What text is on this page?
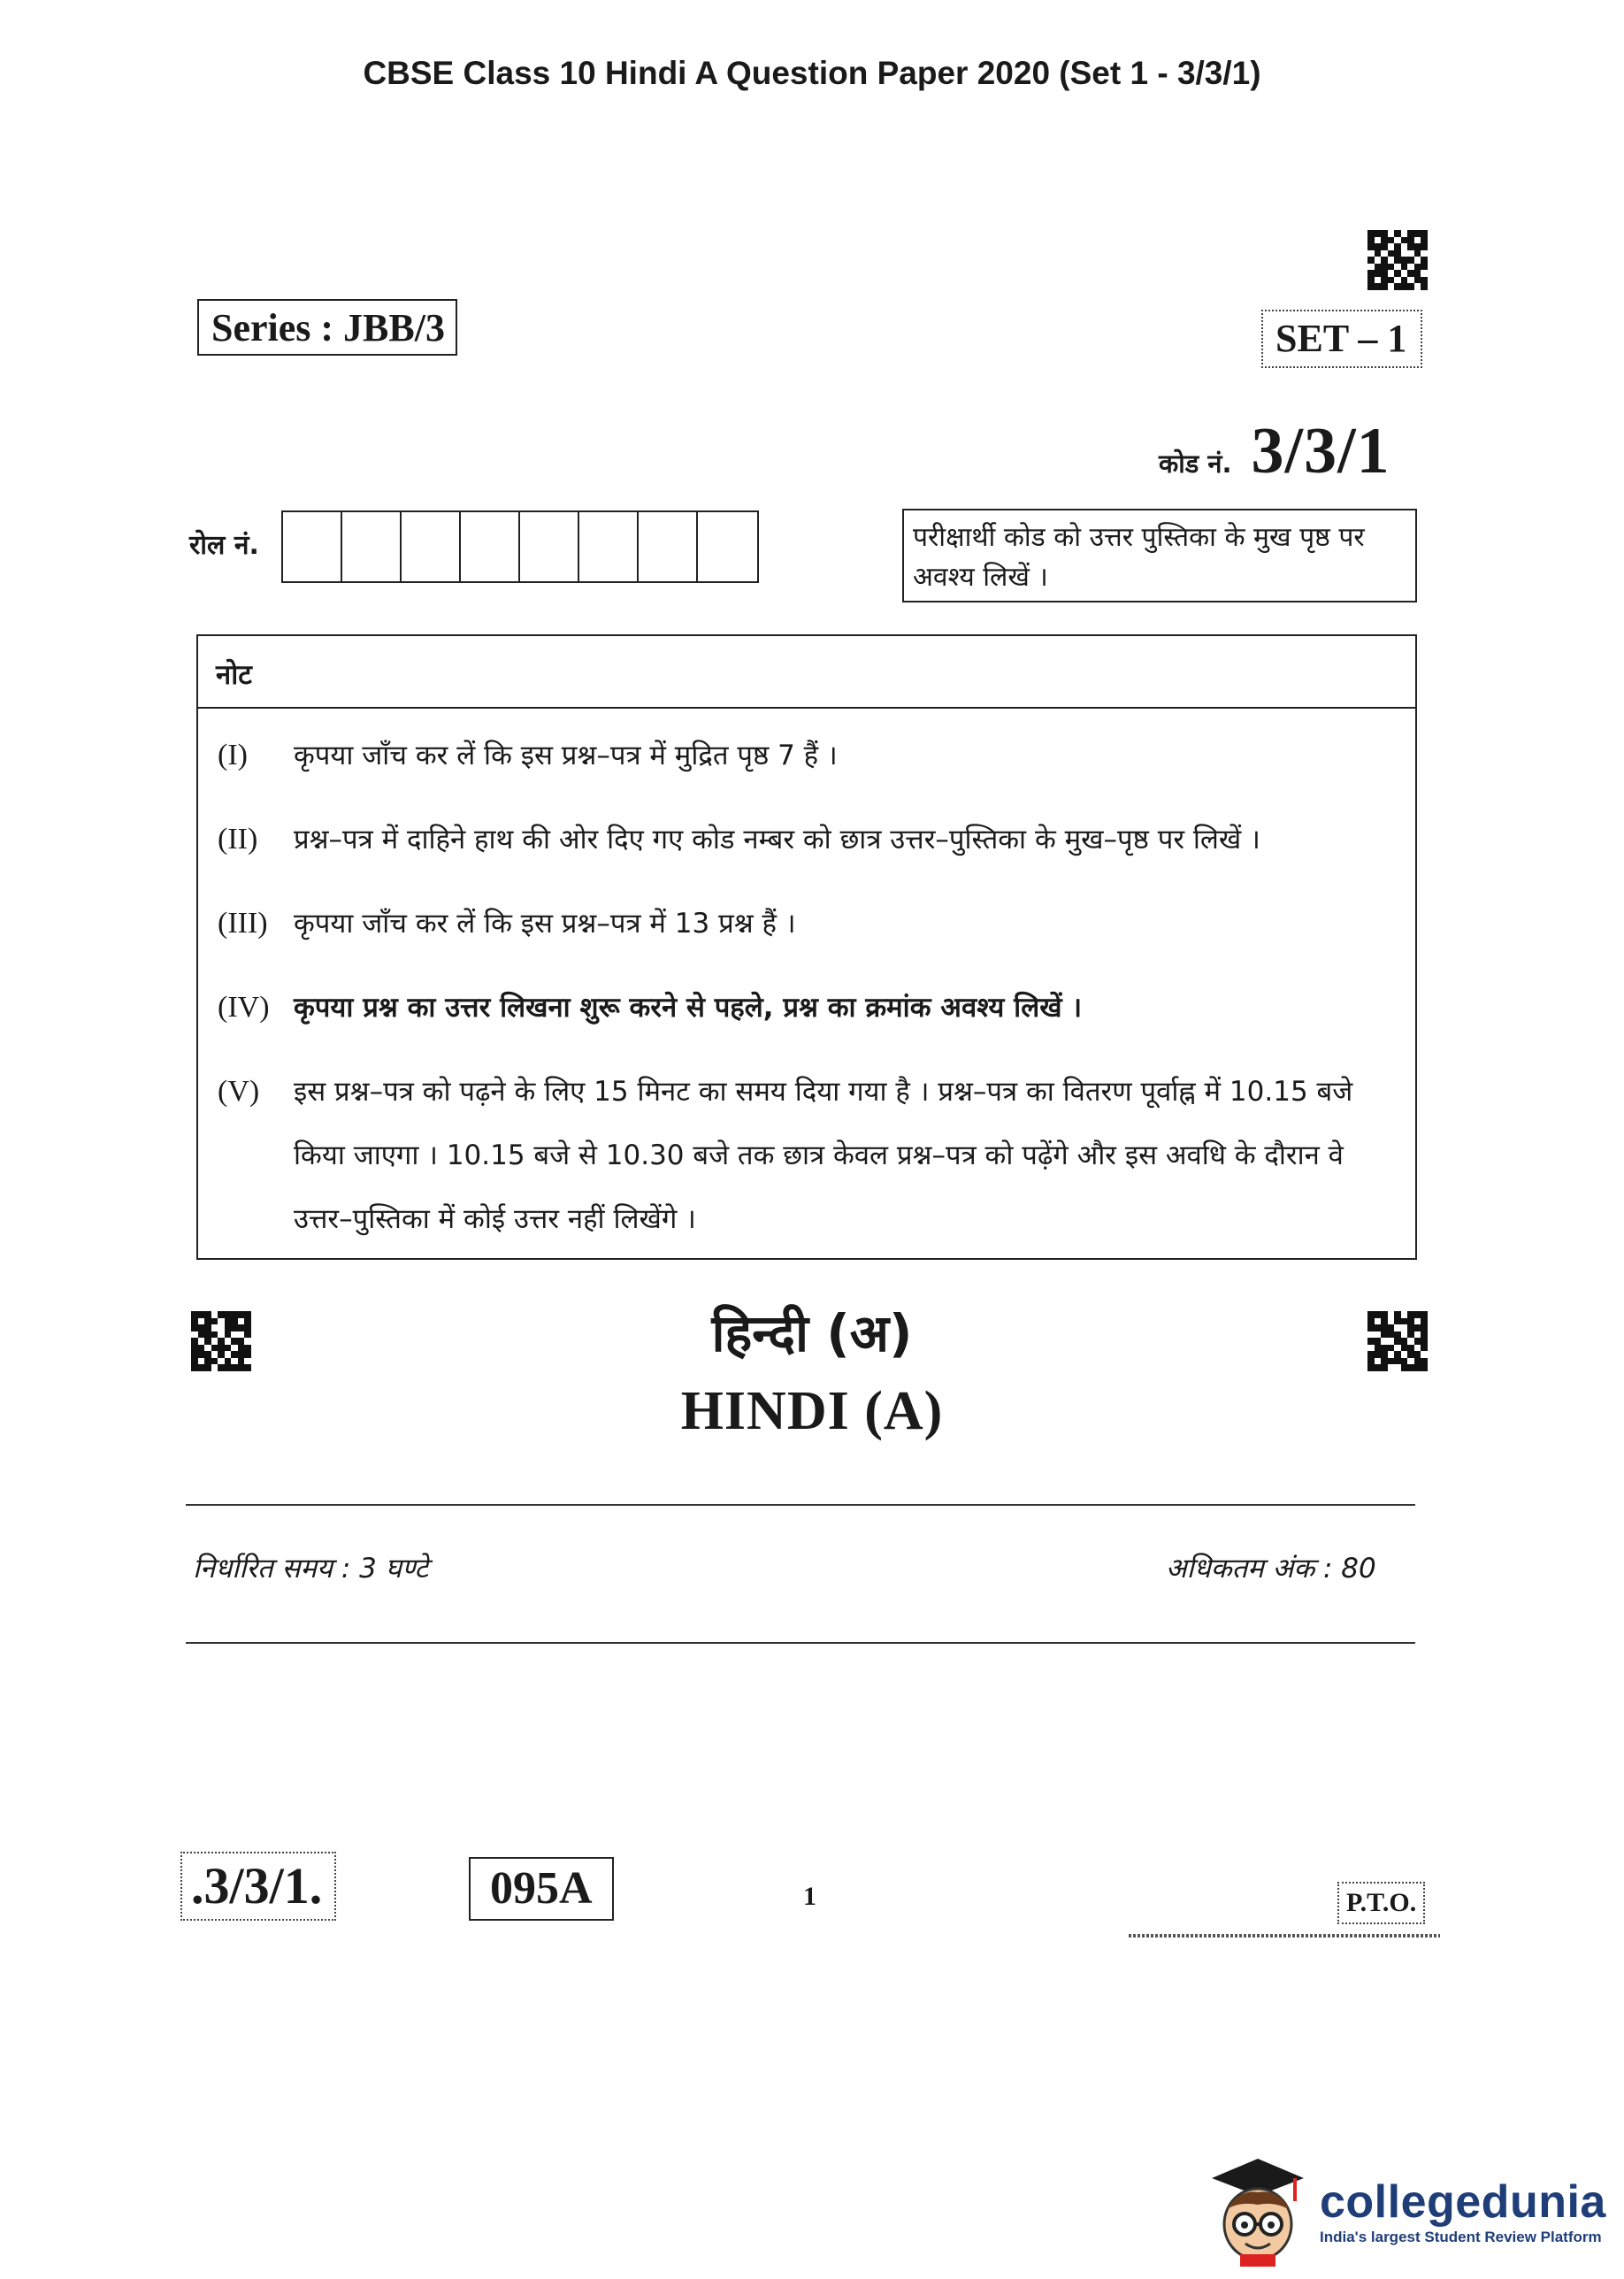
CBSE Class 10 Hindi A Question Paper 2020 (Set 1 - 3/3/1)
Series : JBB/3	SET – 1
कोड नं. 3/3/1
रोल नं.	परीक्षार्थी कोड को उत्तर पुस्तिका के मुख पृष्ठ पर अवश्य लिखें ।
नोट
(I)	कृपया जाँच कर लें कि इस प्रश्न–पत्र में मुद्रित पृष्ठ 7 हैं ।
(II)	प्रश्न–पत्र में दाहिने हाथ की ओर दिए गए कोड नम्बर को छात्र उत्तर–पुस्तिका के मुख–पृष्ठ पर लिखें ।
(III) कृपया जाँच कर लें कि इस प्रश्न–पत्र में 13 प्रश्न हैं ।
(IV) कृपया प्रश्न का उत्तर लिखना शुरू करने से पहले, प्रश्न का क्रमांक अवश्य लिखें ।
(V)	इस प्रश्न–पत्र को पढ़ने के लिए 15 मिनट का समय दिया गया है । प्रश्न–पत्र का वितरण पूर्वाह्न में 10.15 बजे किया जाएगा । 10.15 बजे से 10.30 बजे तक छात्र केवल प्रश्न–पत्र को पढ़ेंगे और इस अवधि के दौरान वे उत्तर–पुस्तिका में कोई उत्तर नहीं लिखेंगे ।
हिन्दी (अ)
HINDI (A)
निर्धारित समय : 3 घण्टे	अधिकतम अंक : 80
.3/3/1.	095A	1	P.T.O.
collegedunia
India's largest Student Review Platform
